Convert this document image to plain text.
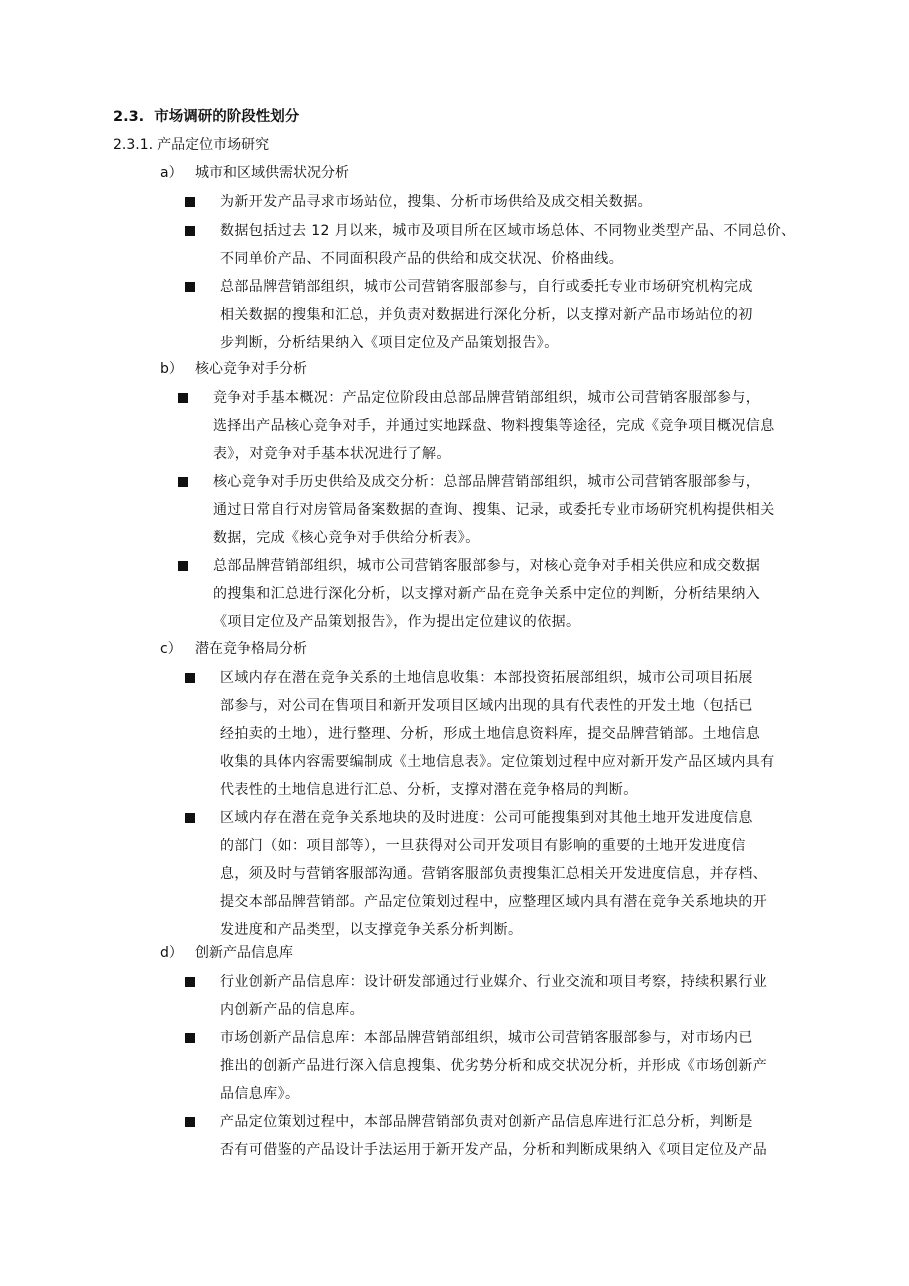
2.3. 市场调研的阶段性划分
2.3.1. 产品定位市场研究
a） 城市和区域供需状况分析
为新开发产品寻求市场站位，搜集、分析市场供给及成交相关数据。
数据包括过去 12 月以来，城市及项目所在区域市场总体、不同物业类型产品、不同总价、
不同单价产品、不同面积段产品的供给和成交状况、价格曲线。
总部品牌营销部组织，城市公司营销客服部参与，自行或委托专业市场研究机构完成
相关数据的搜集和汇总，并负责对数据进行深化分析，以支撑对新产品市场站位的初
步判断，分析结果纳入《项目定位及产品策划报告》。
b） 核心竞争对手分析
竞争对手基本概况：产品定位阶段由总部品牌营销部组织，城市公司营销客服部参与，
选择出产品核心竞争对手，并通过实地踩盘、物料搜集等途径，完成《竞争项目概况信息
表》，对竞争对手基本状况进行了解。
核心竞争对手历史供给及成交分析：总部品牌营销部组织，城市公司营销客服部参与，
通过日常自行对房管局备案数据的查询、搜集、记录，或委托专业市场研究机构提供相关
数据，完成《核心竞争对手供给分析表》。
总部品牌营销部组织，城市公司营销客服部参与，对核心竞争对手相关供应和成交数据
的搜集和汇总进行深化分析，以支撑对新产品在竞争关系中定位的判断，分析结果纳入
《项目定位及产品策划报告》，作为提出定位建议的依据。
c） 潜在竞争格局分析
区域内存在潜在竞争关系的土地信息收集：本部投资拓展部组织，城市公司项目拓展
部参与，对公司在售项目和新开发项目区域内出现的具有代表性的开发土地（包括已
经拍卖的土地），进行整理、分析，形成土地信息资料库，提交品牌营销部。土地信息
收集的具体内容需要编制成《土地信息表》。定位策划过程中应对新开发产品区域内具有
代表性的土地信息进行汇总、分析，支撑对潜在竞争格局的判断。
区域内存在潜在竞争关系地块的及时进度：公司可能搜集到对其他土地开发进度信息
的部门（如：项目部等），一旦获得对公司开发项目有影响的重要的土地开发进度信
息，须及时与营销客服部沟通。营销客服部负责搜集汇总相关开发进度信息，并存档、
提交本部品牌营销部。产品定位策划过程中，应整理区域内具有潜在竞争关系地块的开
发进度和产品类型，以支撑竞争关系分析判断。
d） 创新产品信息库
行业创新产品信息库：设计研发部通过行业媒介、行业交流和项目考察，持续积累行业
内创新产品的信息库。
市场创新产品信息库：本部品牌营销部组织，城市公司营销客服部参与，对市场内已
推出的创新产品进行深入信息搜集、优劣势分析和成交状况分析，并形成《市场创新产
品信息库》。
产品定位策划过程中，本部品牌营销部负责对创新产品信息库进行汇总分析，判断是
否有可借鉴的产品设计手法运用于新开发产品，分析和判断成果纳入《项目定位及产品
